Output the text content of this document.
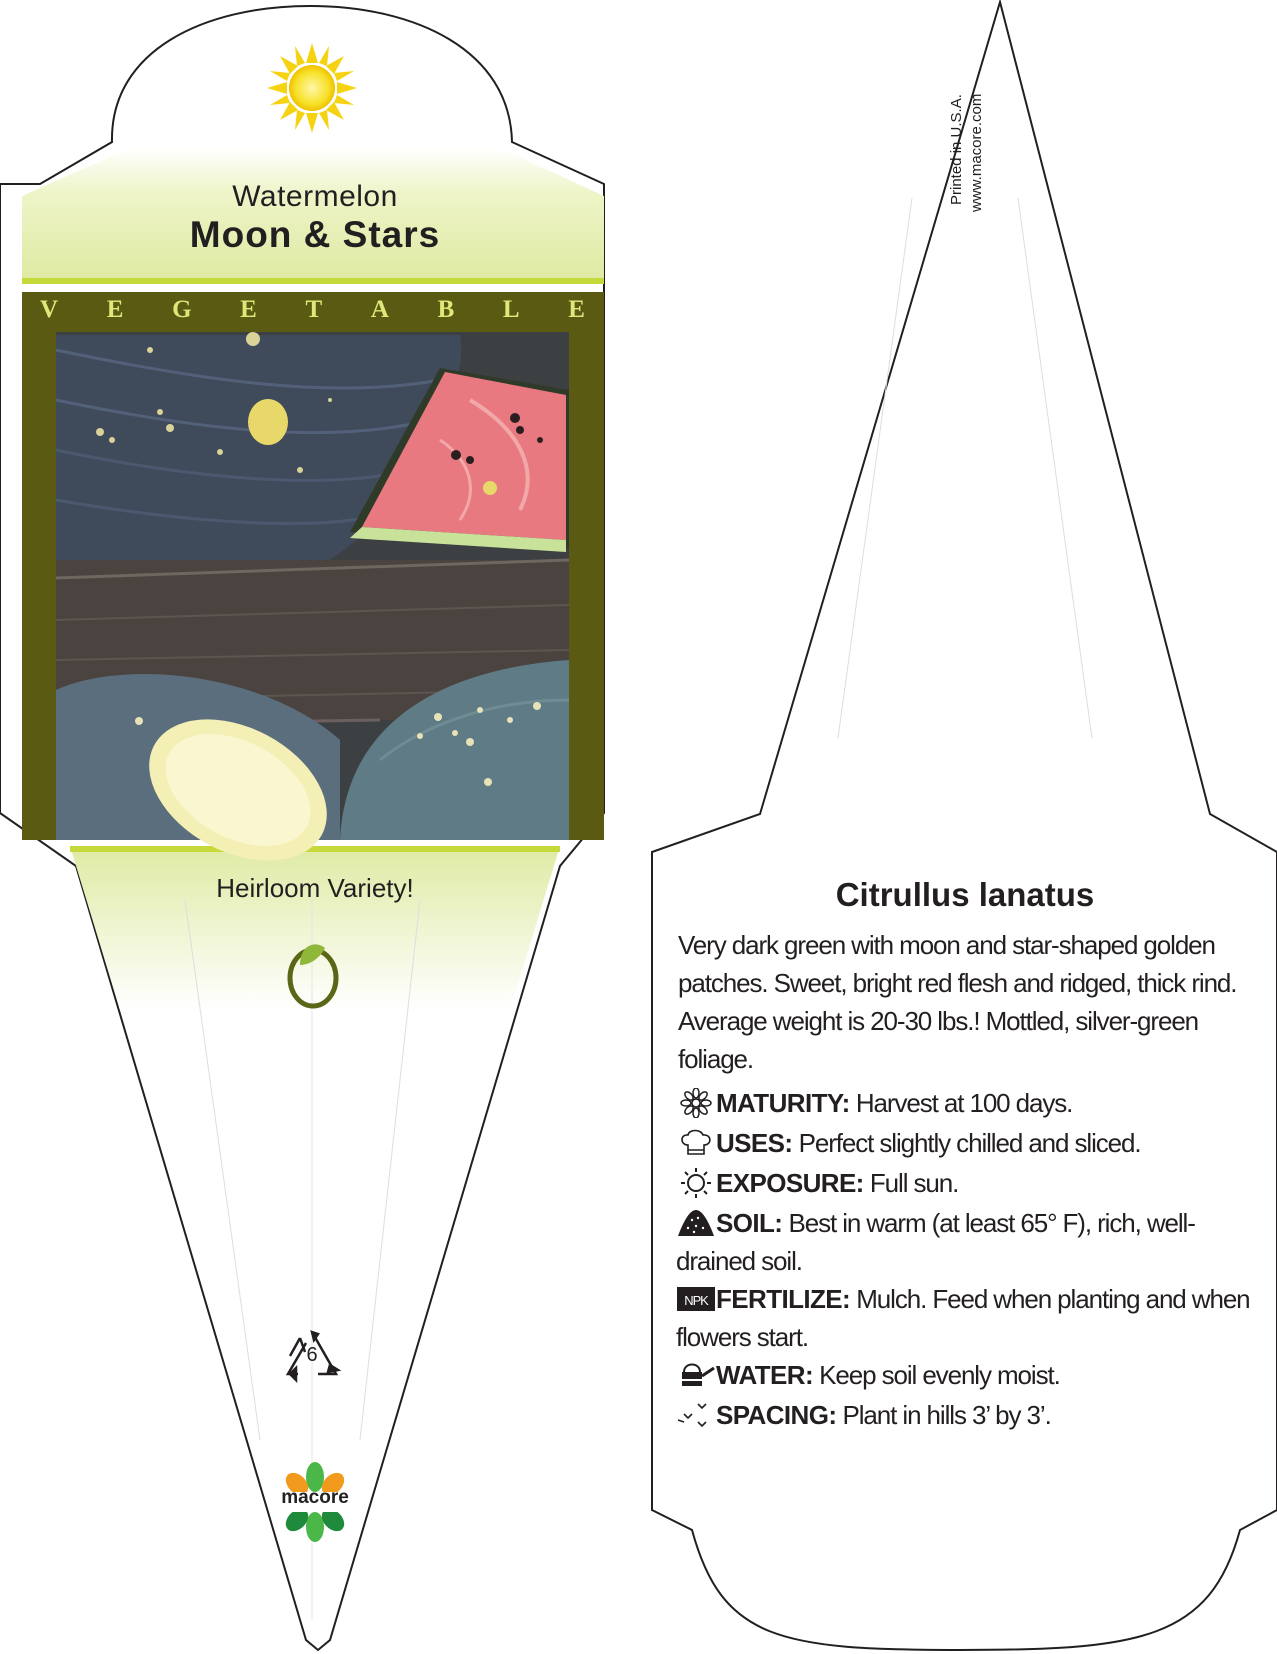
Watermelon
Moon & Stars
V E G E T A B L E
Heirloom Variety!
6
macore
Printed in U.S.A. www.macore.com
Citrullus lanatus
Very dark green with moon and star-shaped golden patches. Sweet, bright red flesh and ridged, thick rind. Average weight is 20-30 lbs.! Mottled, silver-green foliage.
MATURITY: Harvest at 100 days.
USES: Perfect slightly chilled and sliced.
EXPOSURE: Full sun.
SOIL: Best in warm (at least 65° F), rich, well-drained soil.
NPK FERTILIZE: Mulch. Feed when planting and when flowers start.
WATER: Keep soil evenly moist.
SPACING: Plant in hills 3’ by 3’.
